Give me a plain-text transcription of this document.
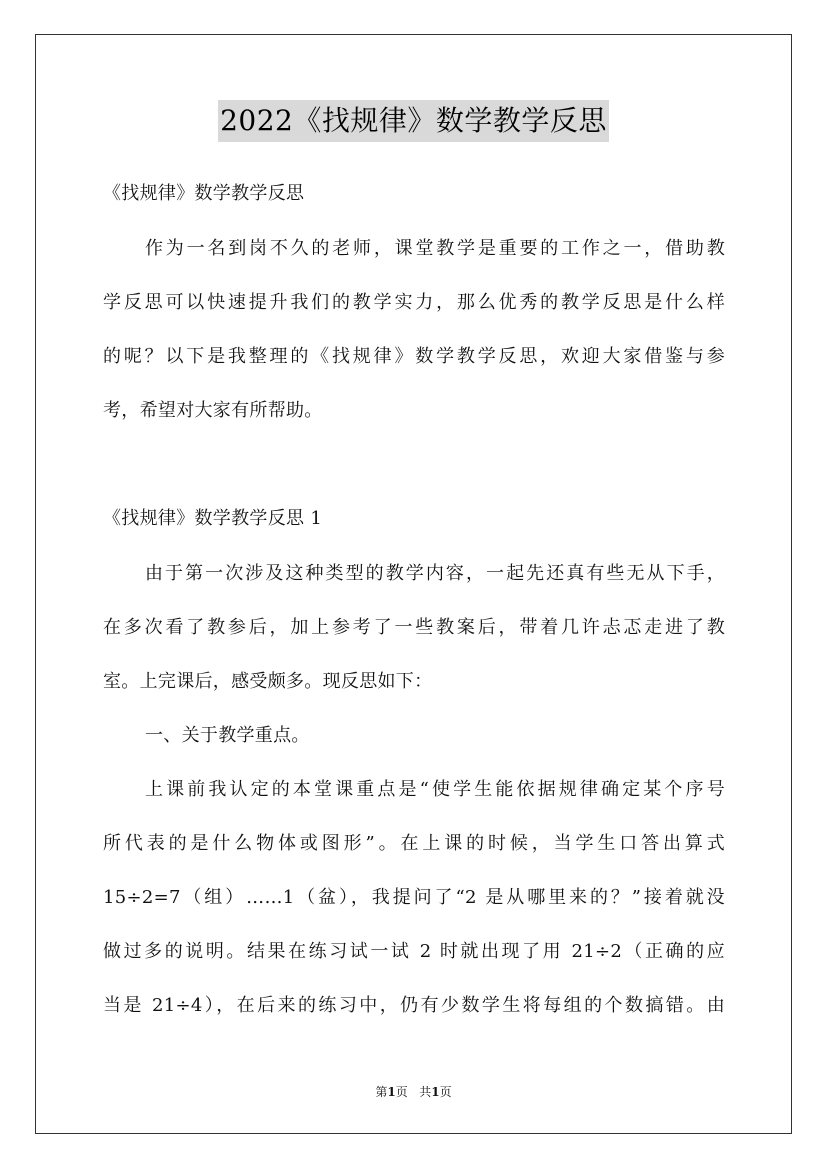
2022《找规律》数学教学反思
《找规律》数学教学反思
作为一名到岗不久的老师，课堂教学是重要的工作之一，借助教
学反思可以快速提升我们的教学实力，那么优秀的教学反思是什么样
的呢？以下是我整理的《找规律》数学教学反思，欢迎大家借鉴与参
考，希望对大家有所帮助。
《找规律》数学教学反思 1
由于第一次涉及这种类型的教学内容，一起先还真有些无从下手，
在多次看了教参后，加上参考了一些教案后，带着几许忐忑走进了教
室。上完课后，感受颇多。现反思如下：
一、关于教学重点。
上课前我认定的本堂课重点是“使学生能依据规律确定某个序号
所代表的是什么物体或图形”。在上课的时候，当学生口答出算式
15÷2=7（组）……1（盆），我提问了“2 是从哪里来的？”接着就没
做过多的说明。结果在练习试一试 2 时就出现了用 21÷2（正确的应
当是 21÷4），在后来的练习中，仍有少数学生将每组的个数搞错。由
第1页 共1页
